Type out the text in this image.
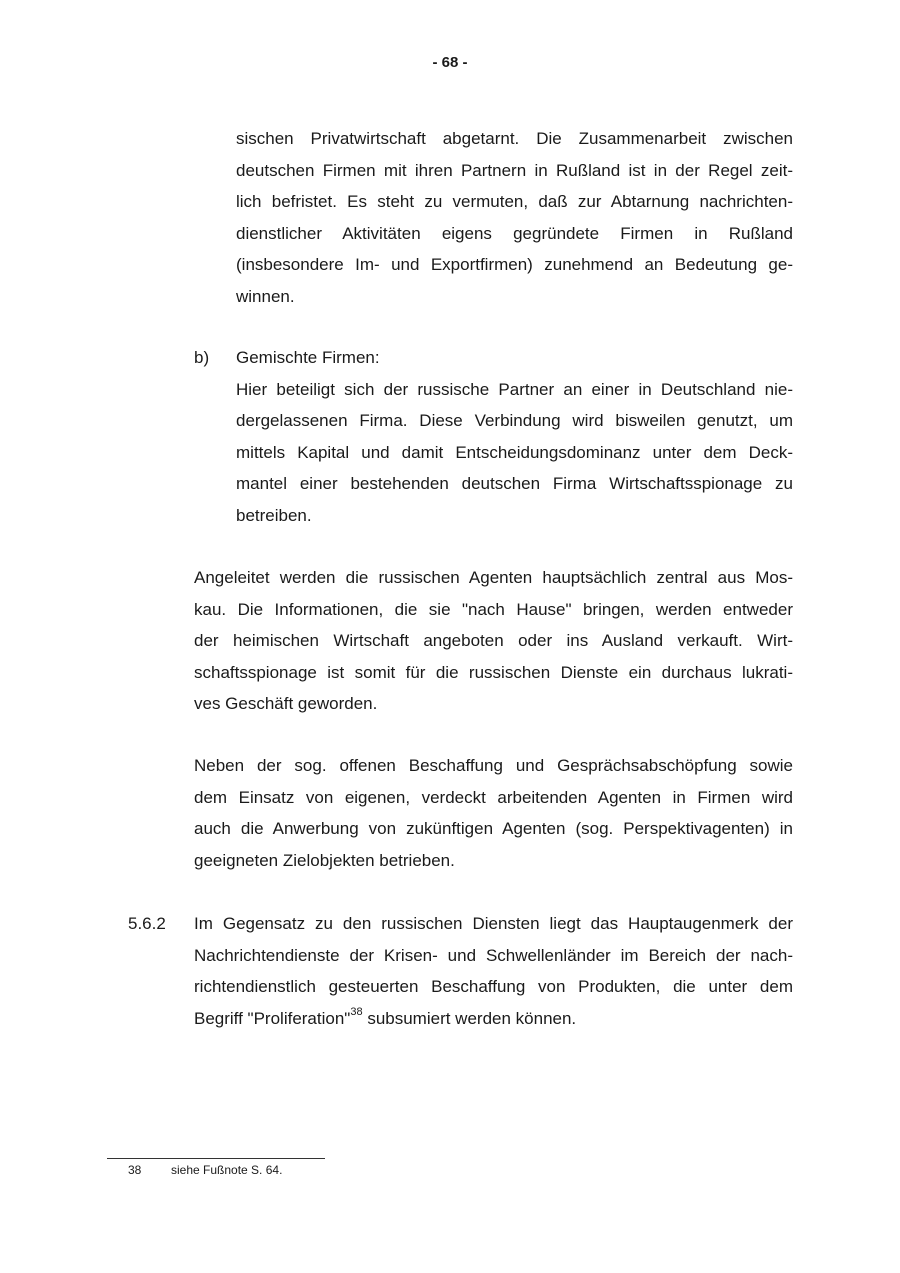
- 68 -
sischen Privatwirtschaft abgetarnt. Die Zusammenarbeit zwischen
deutschen Firmen mit ihren Partnern in Rußland ist in der Regel zeit-
lich befristet. Es steht zu vermuten, daß zur Abtarnung nachrichten-
dienstlicher Aktivitäten eigens gegründete Firmen in Rußland
(insbesondere Im- und Exportfirmen) zunehmend an Bedeutung ge-
winnen.
b) Gemischte Firmen:
Hier beteiligt sich der russische Partner an einer in Deutschland nie-
dergelassenen Firma. Diese Verbindung wird bisweilen genutzt, um
mittels Kapital und damit Entscheidungsdominanz unter dem Deck-
mantel einer bestehenden deutschen Firma Wirtschaftsspionage zu
betreiben.
Angeleitet werden die russischen Agenten hauptsächlich zentral aus Mos-
kau. Die Informationen, die sie "nach Hause" bringen, werden entweder
der heimischen Wirtschaft angeboten oder ins Ausland verkauft. Wirt-
schaftsspionage ist somit für die russischen Dienste ein durchaus lukrati-
ves Geschäft geworden.
Neben der sog. offenen Beschaffung und Gesprächsabschöpfung sowie
dem Einsatz von eigenen, verdeckt arbeitenden Agenten in Firmen wird
auch die Anwerbung von zukünftigen Agenten (sog. Perspektivagenten) in
geeigneten Zielobjekten betrieben.
5.6.2 Im Gegensatz zu den russischen Diensten liegt das Hauptaugenmerk der
Nachrichtendienste der Krisen- und Schwellenländer im Bereich der nach-
richtendienstlich gesteuerten Beschaffung von Produkten, die unter dem
Begriff "Proliferation"$^{38}$ subsumiert werden können.
38 siehe Fußnote S. 64.
